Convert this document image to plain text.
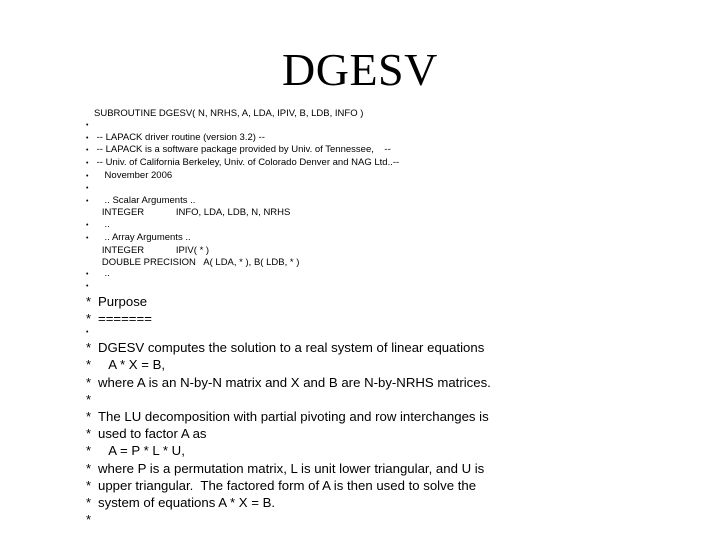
DGESV
SUBROUTINE DGESV( N, NRHS, A, LDA, IPIV, B, LDB, INFO )
•
• -- LAPACK driver routine (version 3.2) --
• -- LAPACK is a software package provided by Univ. of Tennessee,    --
• -- Univ. of California Berkeley, Univ. of Colorado Denver and NAG Ltd..--
• November 2006
•
• .. Scalar Arguments ..
INTEGER            INFO, LDA, LDB, N, NRHS
• ..
• .. Array Arguments ..
INTEGER            IPIV( * )
DOUBLE PRECISION   A( LDA, * ), B( LDB, * )
• ..
•
* Purpose
* =======
•
* DGESV computes the solution to a real system of linear equations
* A * X = B,
* where A is an N-by-N matrix and X and B are N-by-NRHS matrices.
*
* The LU decomposition with partial pivoting and row interchanges is
* used to factor A as
* A = P * L * U,
* where P is a permutation matrix, L is unit lower triangular, and U is
* upper triangular.  The factored form of A is then used to solve the
* system of equations A * X = B.
*
